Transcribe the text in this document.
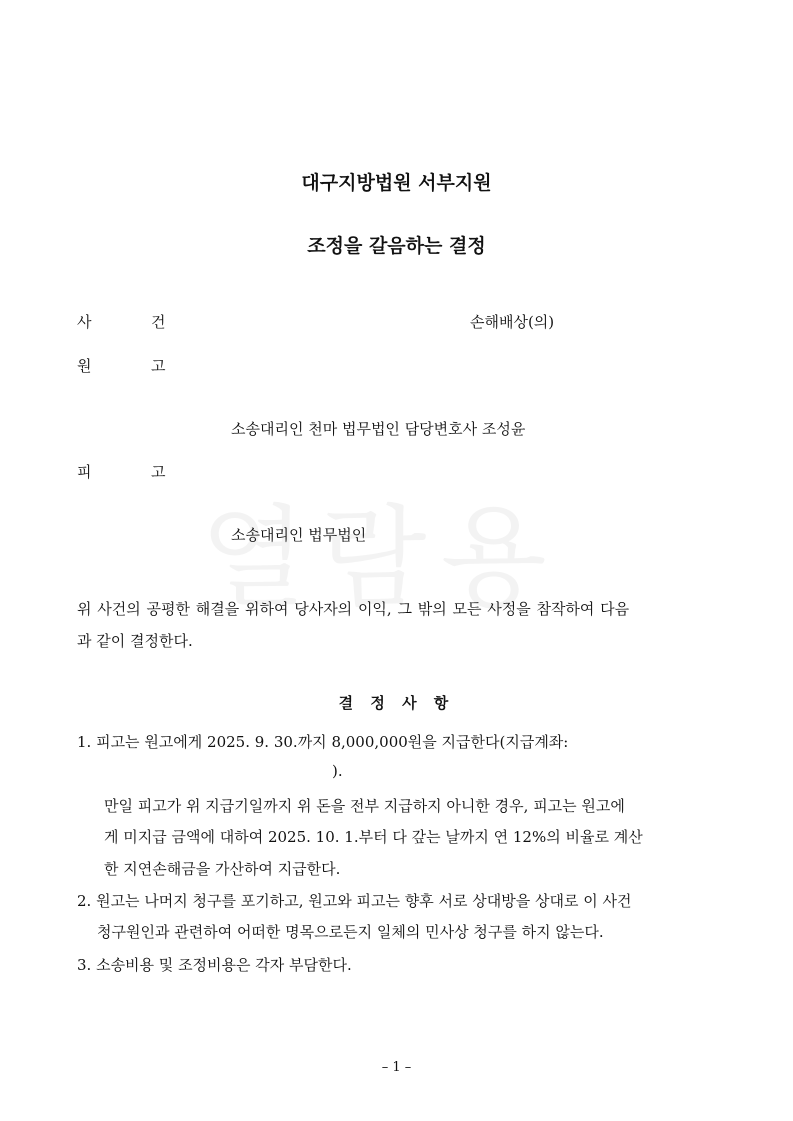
대구지방법원 서부지원
조정을 갈음하는 결정
사	건	손해배상(의)
원	고
소송대리인 천마 법무법인 담당변호사 조성윤
피	고
소송대리인 법무법인
위 사건의 공평한 해결을 위하여 당사자의 이익, 그 밖의 모든 사정을 참작하여 다음
과 같이 결정한다.
결 정 사 항
1. 피고는 원고에게 2025. 9. 30.까지 8,000,000원을 지급한다(지급계좌:
).
만일 피고가 위 지급기일까지 위 돈을 전부 지급하지 아니한 경우, 피고는 원고에
게 미지급 금액에 대하여 2025. 10. 1.부터 다 갚는 날까지 연 12%의 비율로 계산
한 지연손해금을 가산하여 지급한다.
2. 원고는 나머지 청구를 포기하고, 원고와 피고는 향후 서로 상대방을 상대로 이 사건
청구원인과 관련하여 어떠한 명목으로든지 일체의 민사상 청구를 하지 않는다.
3. 소송비용 및 조정비용은 각자 부담한다.
– 1 –
